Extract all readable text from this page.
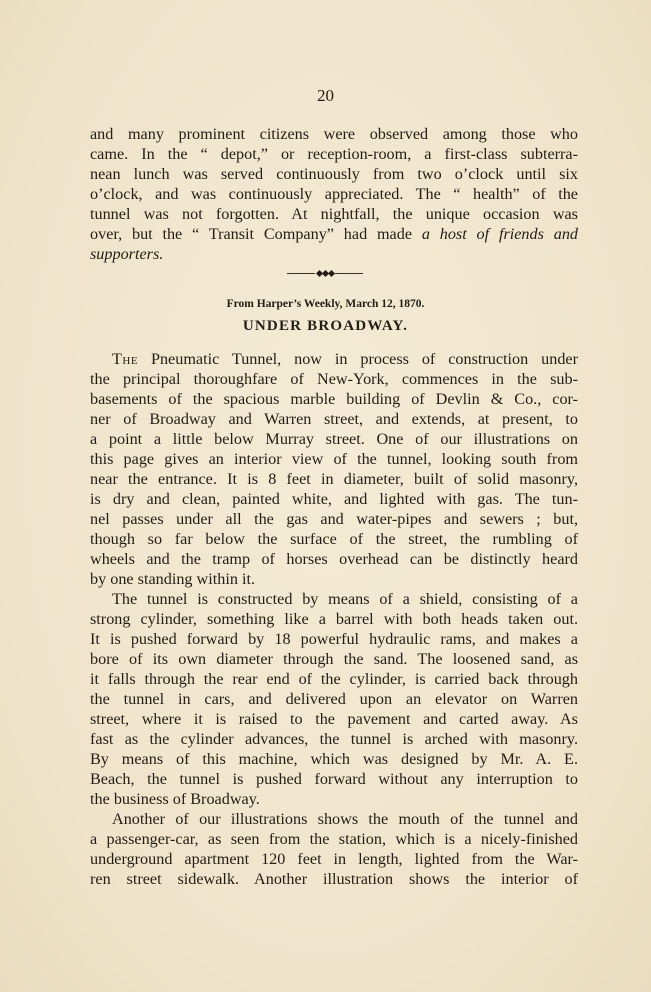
20
and many prominent citizens were observed among those who
came. In the “ depot,” or reception-room, a first-class subterra-
nean lunch was served continuously from two o’clock until six
o’clock, and was continuously appreciated. The “ health” of the
tunnel was not forgotten. At nightfall, the unique occasion was
over, but the “ Transit Company” had made a host of friends and
supporters.
From Harper’s Weekly, March 12, 1870.
UNDER BROADWAY.
The Pneumatic Tunnel, now in process of construction under
the principal thoroughfare of New-York, commences in the sub-
basements of the spacious marble building of Devlin & Co., cor-
ner of Broadway and Warren street, and extends, at present, to
a point a little below Murray street. One of our illustrations on
this page gives an interior view of the tunnel, looking south from
near the entrance. It is 8 feet in diameter, built of solid masonry,
is dry and clean, painted white, and lighted with gas. The tun-
nel passes under all the gas and water-pipes and sewers ; but,
though so far below the surface of the street, the rumbling of
wheels and the tramp of horses overhead can be distinctly heard
by one standing within it.
The tunnel is constructed by means of a shield, consisting of a
strong cylinder, something like a barrel with both heads taken out.
It is pushed forward by 18 powerful hydraulic rams, and makes a
bore of its own diameter through the sand. The loosened sand, as
it falls through the rear end of the cylinder, is carried back through
the tunnel in cars, and delivered upon an elevator on Warren
street, where it is raised to the pavement and carted away. As
fast as the cylinder advances, the tunnel is arched with masonry.
By means of this machine, which was designed by Mr. A. E.
Beach, the tunnel is pushed forward without any interruption to
the business of Broadway.
Another of our illustrations shows the mouth of the tunnel and
a passenger-car, as seen from the station, which is a nicely-finished
underground apartment 120 feet in length, lighted from the War-
ren street sidewalk. Another illustration shows the interior of
